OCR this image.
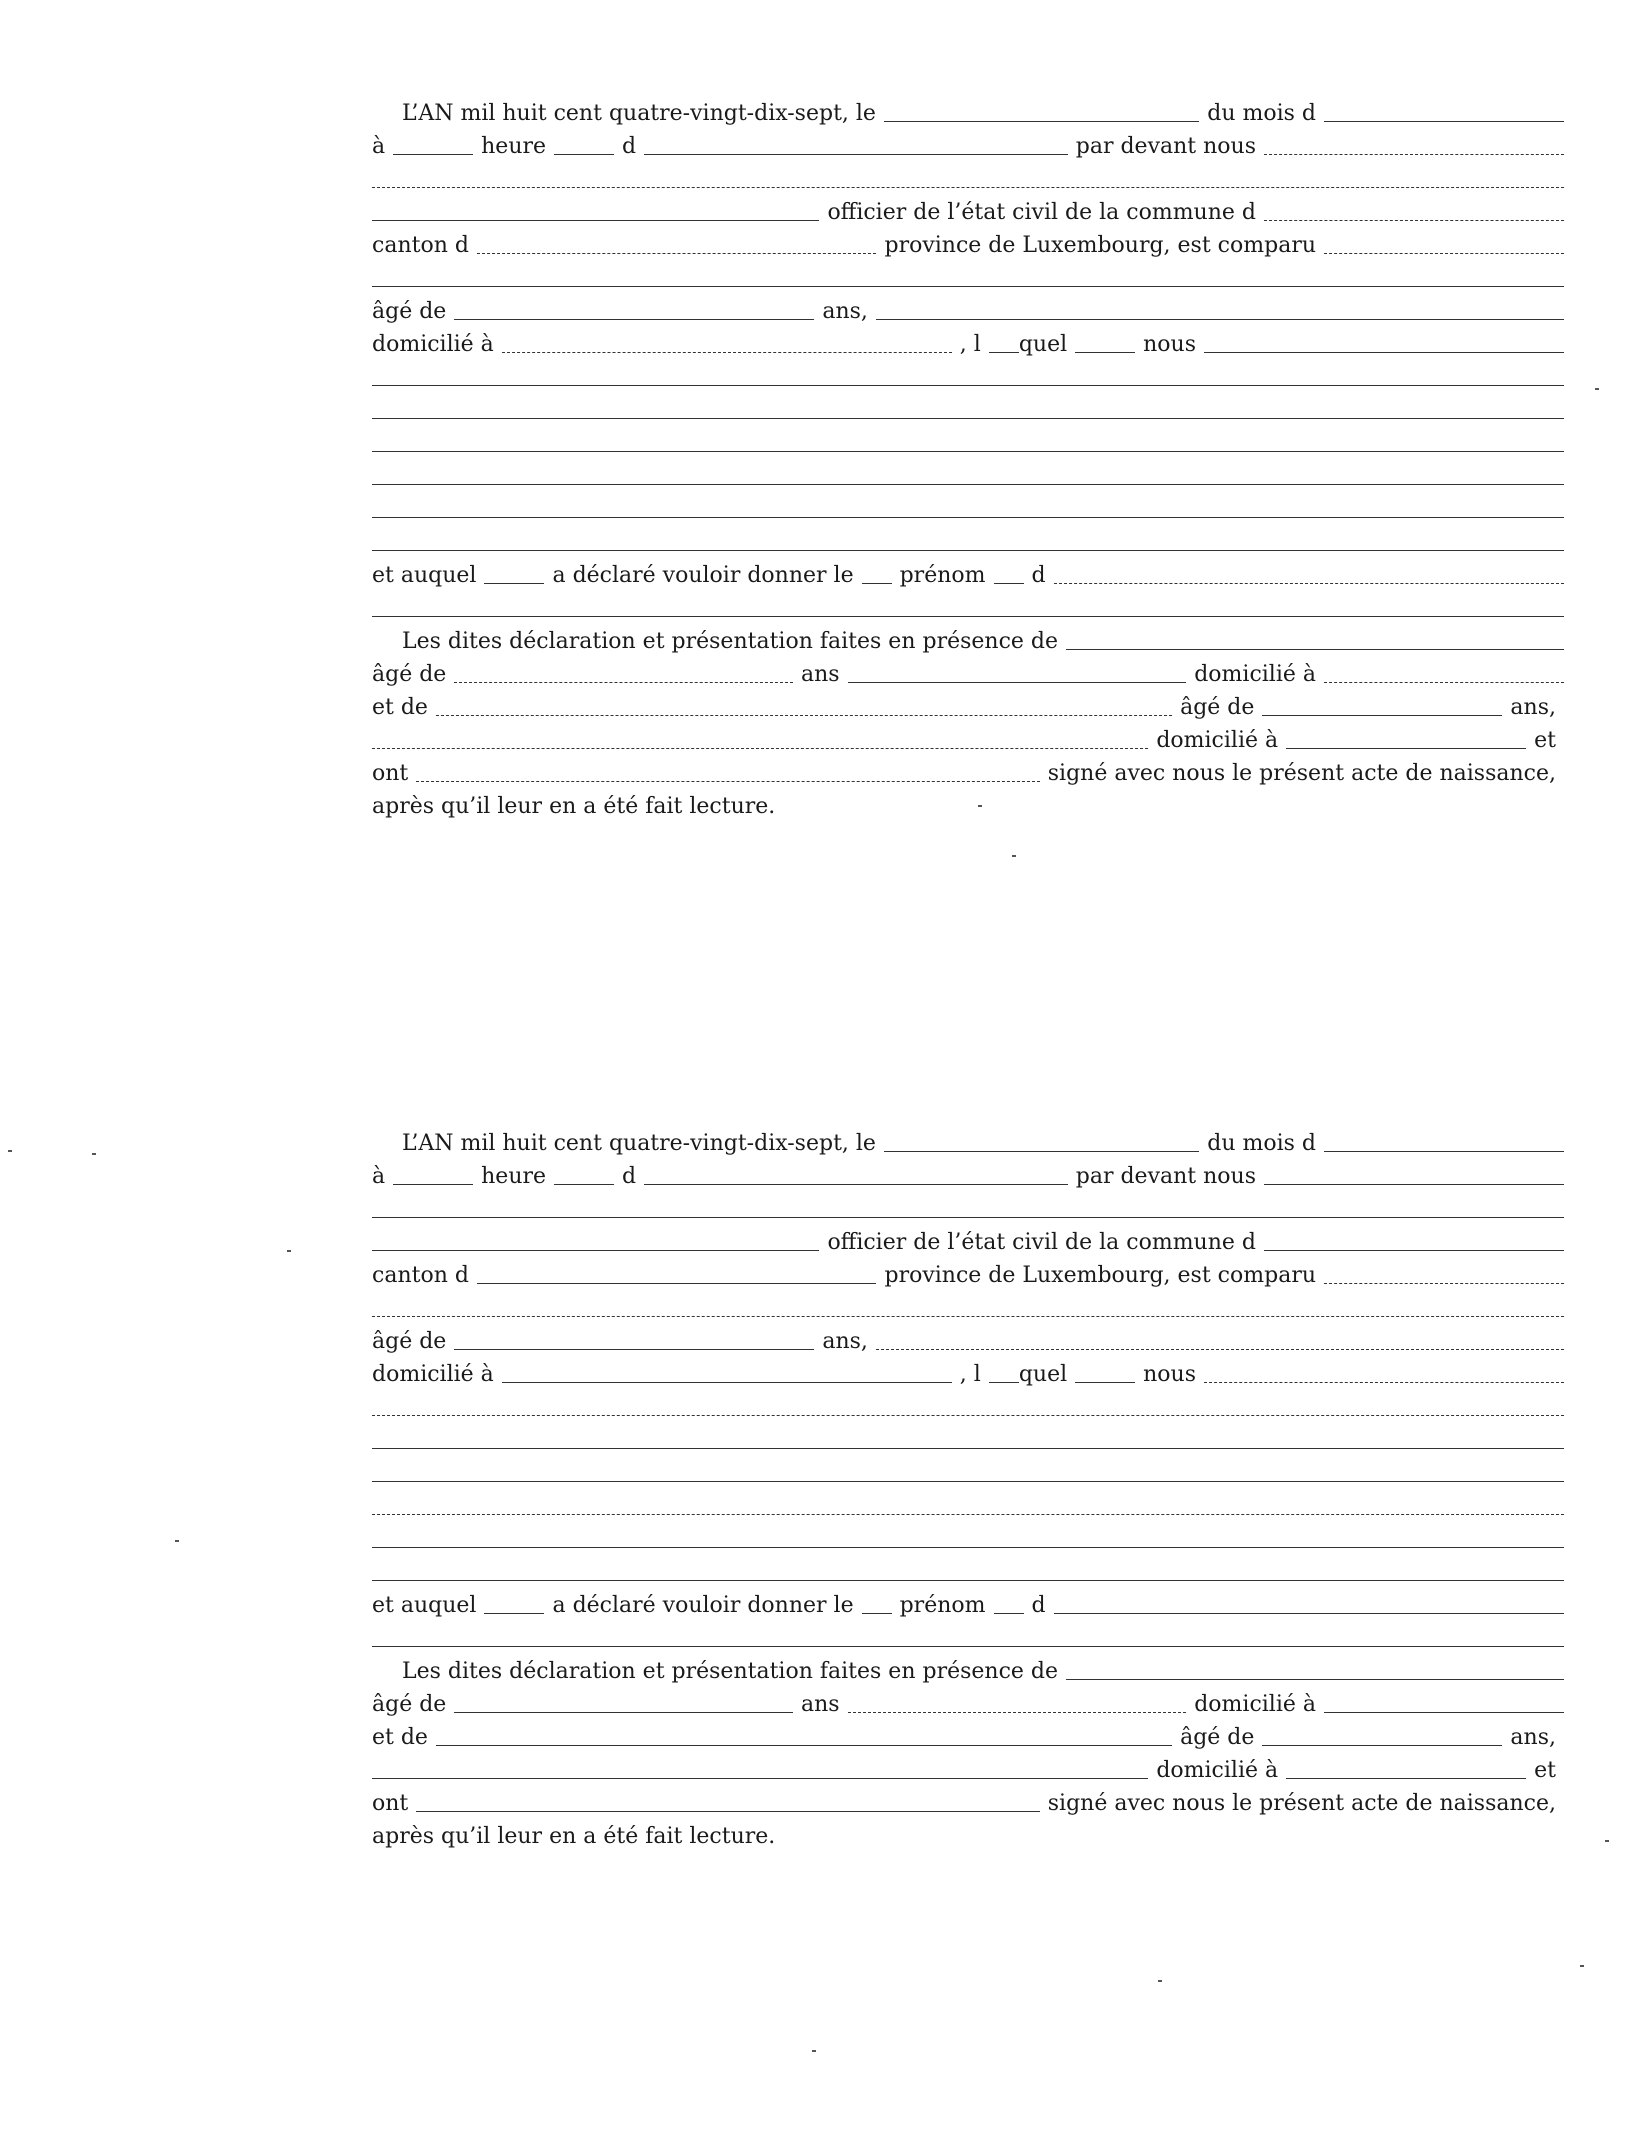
L’AN mil huit cent quatre-vingt-dix-sept, le	du mois d
à	heure	d	par devant nous
officier de l’état civil de la commune d
canton d	province de Luxembourg, est comparu
âgé de	ans,
domicilié à	, l	quel	nous
et auquel	a déclaré vouloir donner le	prénom	d
Les dites déclaration et présentation faites en présence de
âgé de	ans	domicilié à
et de	âgé de	ans,
domicilié à	et
ont	signé avec nous le présent acte de naissance,
après qu’il leur en a été fait lecture.
L’AN mil huit cent quatre-vingt-dix-sept, le	du mois d
à	heure	d	par devant nous
officier de l’état civil de la commune d
canton d	province de Luxembourg, est comparu
âgé de	ans,
domicilié à	, l	quel	nous
et auquel	a déclaré vouloir donner le	prénom	d
Les dites déclaration et présentation faites en présence de
âgé de	ans	domicilié à
et de	âgé de	ans,
domicilié à	et
ont	signé avec nous le présent acte de naissance,
après qu’il leur en a été fait lecture.
